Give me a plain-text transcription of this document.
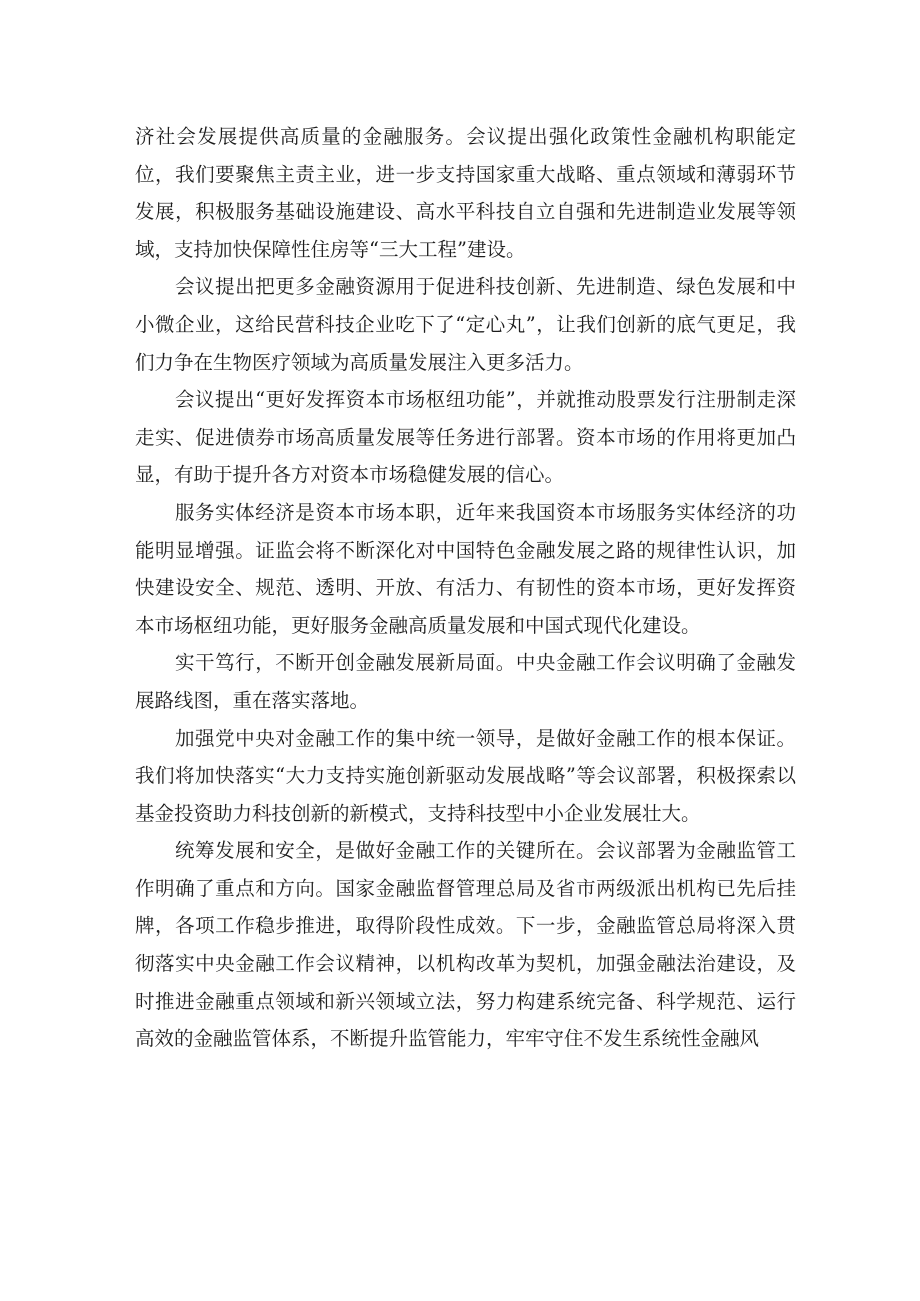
济社会发展提供高质量的金融服务。会议提出强化政策性金融机构职能定位，我们要聚焦主责主业，进一步支持国家重大战略、重点领域和薄弱环节发展，积极服务基础设施建设、高水平科技自立自强和先进制造业发展等领域，支持加快保障性住房等“三大工程”建设。

会议提出把更多金融资源用于促进科技创新、先进制造、绿色发展和中小微企业，这给民营科技企业吃下了“定心丸”，让我们创新的底气更足，我们力争在生物医疗领域为高质量发展注入更多活力。

会议提出“更好发挥资本市场枢纽功能”，并就推动股票发行注册制走深走实、促进债券市场高质量发展等任务进行部署。资本市场的作用将更加凸显，有助于提升各方对资本市场稳健发展的信心。

服务实体经济是资本市场本职，近年来我国资本市场服务实体经济的功能明显增强。证监会将不断深化对中国特色金融发展之路的规律性认识，加快建设安全、规范、透明、开放、有活力、有韧性的资本市场，更好发挥资本市场枢纽功能，更好服务金融高质量发展和中国式现代化建设。

实干笃行，不断开创金融发展新局面。中央金融工作会议明确了金融发展路线图，重在落实落地。

加强党中央对金融工作的集中统一领导，是做好金融工作的根本保证。我们将加快落实“大力支持实施创新驱动发展战略”等会议部署，积极探索以基金投资助力科技创新的新模式，支持科技型中小企业发展壮大。

统筹发展和安全，是做好金融工作的关键所在。会议部署为金融监管工作明确了重点和方向。国家金融监督管理总局及省市两级派出机构已先后挂牌，各项工作稳步推进，取得阶段性成效。下一步，金融监管总局将深入贯彻落实中央金融工作会议精神，以机构改革为契机，加强金融法治建设，及时推进金融重点领域和新兴领域立法，努力构建系统完备、科学规范、运行高效的金融监管体系，不断提升监管能力，牢牢守住不发生系统性金融风
